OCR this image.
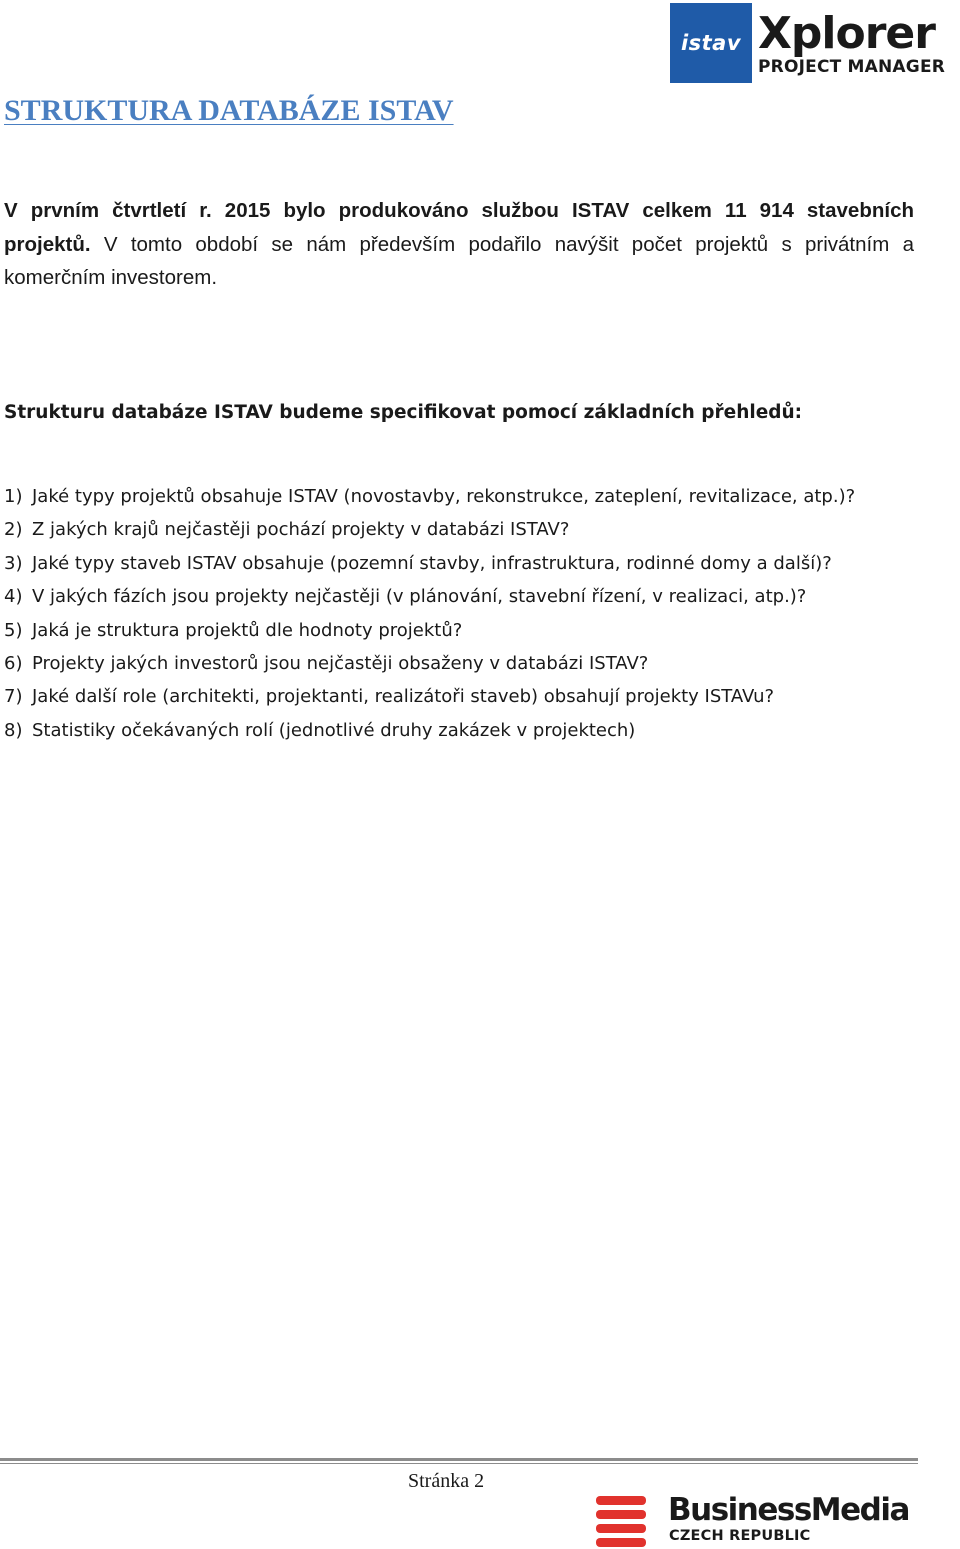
istav Xplorer
PROJECT MANAGER
STRUKTURA DATABÁZE ISTAV

V prvním čtvrtletí r. 2015 bylo produkováno službou ISTAV celkem 11 914 stavebních projektů. V tomto období se nám především podařilo navýšit počet projektů s privátním a komerčním investorem.

Strukturu databáze ISTAV budeme specifikovat pomocí základních přehledů:

1) Jaké typy projektů obsahuje ISTAV (novostavby, rekonstrukce, zateplení, revitalizace, atp.)?
2) Z jakých krajů nejčastěji pochází projekty v databázi ISTAV?
3) Jaké typy staveb ISTAV obsahuje (pozemní stavby, infrastruktura, rodinné domy a další)?
4) V jakých fázích jsou projekty nejčastěji (v plánování, stavební řízení, v realizaci, atp.)?
5) Jaká je struktura projektů dle hodnoty projektů?
6) Projekty jakých investorů jsou nejčastěji obsaženy v databázi ISTAV?
7) Jaké další role (architekti, projektanti, realizátoři staveb) obsahují projekty ISTAVu?
8) Statistiky očekávaných rolí (jednotlivé druhy zakázek v projektech)
Stránka 2
BusinessMedia
CZECH REPUBLIC
